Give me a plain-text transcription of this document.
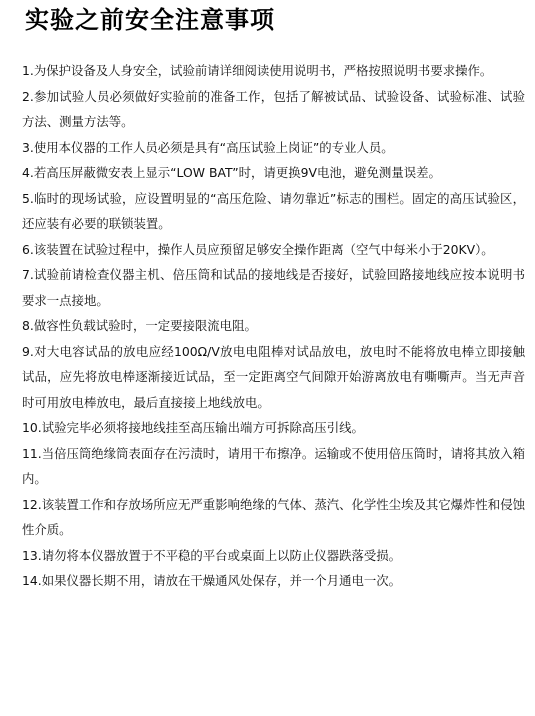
实验之前安全注意事项
1.为保护设备及人身安全，试验前请详细阅读使用说明书，严格按照说明书要求操作。
2.参加试验人员必须做好实验前的准备工作，包括了解被试品、试验设备、试验标准、试验方法、测量方法等。
3.使用本仪器的工作人员必须是具有“高压试验上岗证”的专业人员。
4.若高压屏蔽微安表上显示“LOW BAT”时，请更换9V电池，避免测量误差。
5.临时的现场试验，应设置明显的“高压危险、请勿靠近”标志的围栏。固定的高压试验区，还应装有必要的联锁装置。
6.该装置在试验过程中，操作人员应预留足够安全操作距离（空气中每米小于20KV）。
7.试验前请检查仪器主机、倍压筒和试品的接地线是否接好，试验回路接地线应按本说明书要求一点接地。
8.做容性负载试验时，一定要接限流电阻。
9.对大电容试品的放电应经100Ω/V放电电阻棒对试品放电，放电时不能将放电棒立即接触试品，应先将放电棒逐渐接近试品，至一定距离空气间隙开始游离放电有嘶嘶声。当无声音时可用放电棒放电，最后直接接上地线放电。
10.试验完毕必须将接地线挂至高压输出端方可拆除高压引线。
11.当倍压筒绝缘筒表面存在污渍时，请用干布擦净。运输或不使用倍压筒时，请将其放入箱内。
12.该装置工作和存放场所应无严重影响绝缘的气体、蒸汽、化学性尘埃及其它爆炸性和侵蚀性介质。
13.请勿将本仪器放置于不平稳的平台或桌面上以防止仪器跌落受损。
14.如果仪器长期不用，请放在干燥通风处保存，并一个月通电一次。
